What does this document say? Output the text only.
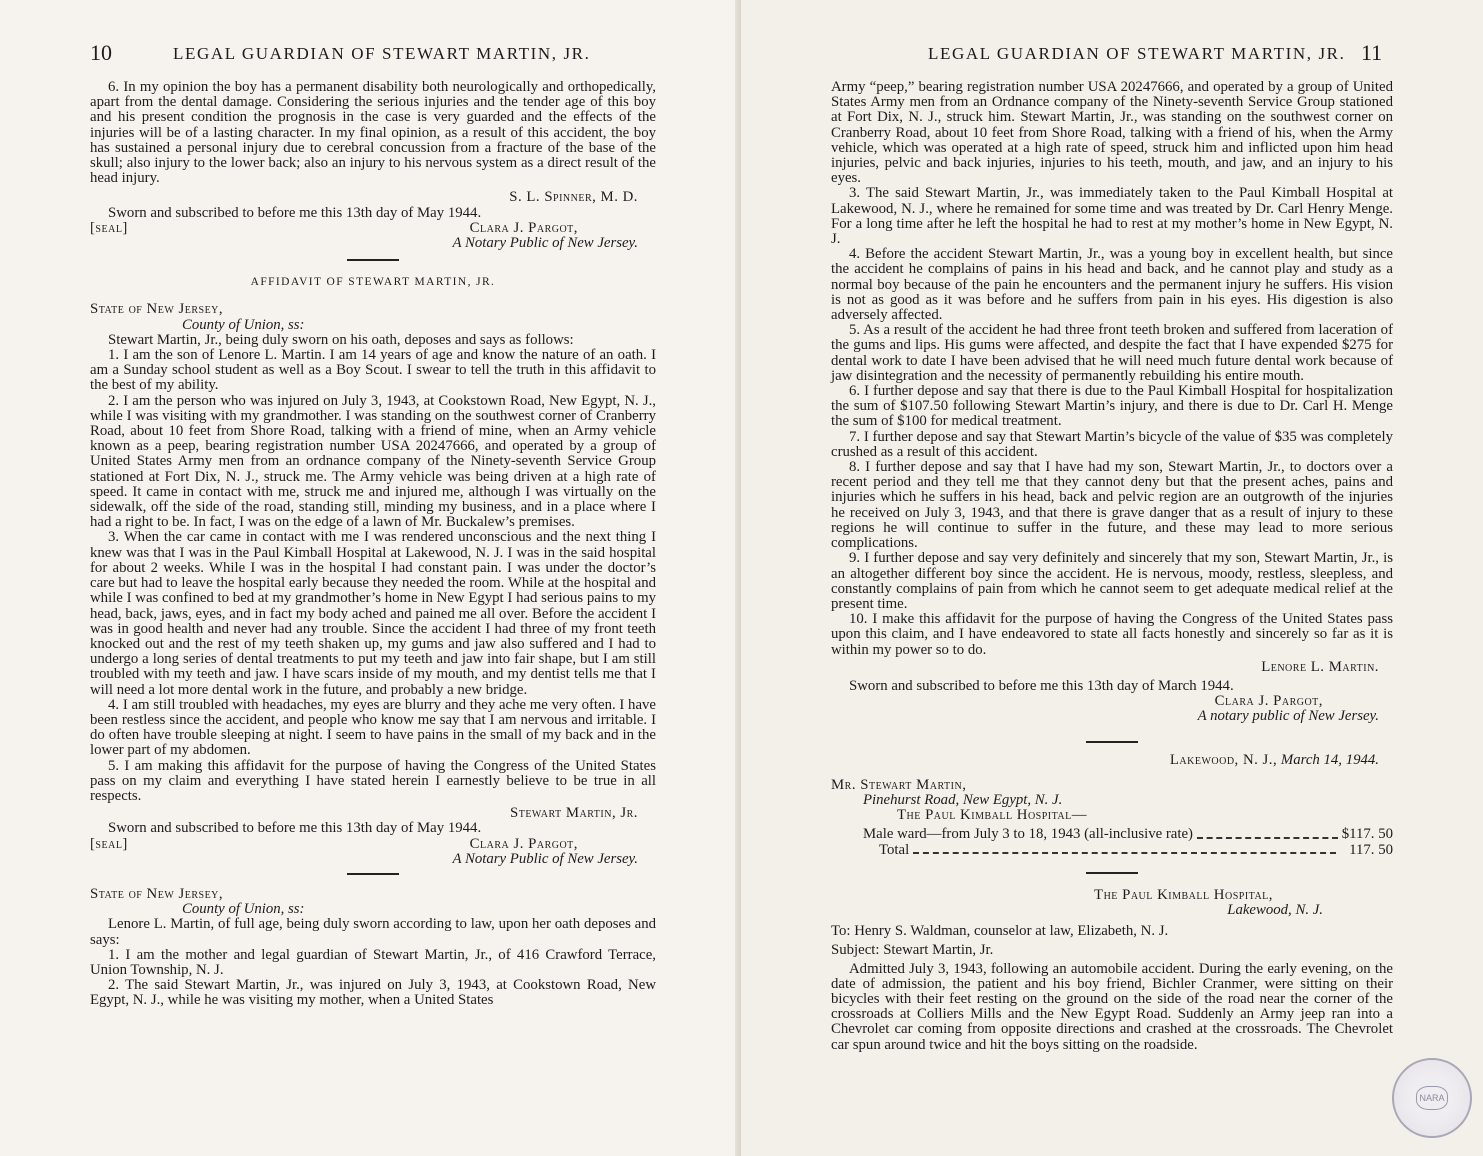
10	LEGAL GUARDIAN OF STEWART MARTIN, JR.

6. In my opinion the boy has a permanent disability both neurologically and orthopedically, apart from the dental damage. Considering the serious injuries and the tender age of this boy and his present condition the prognosis in the case is very guarded and the effects of the injuries will be of a lasting character. In my final opinion, as a result of this accident, the boy has sustained a personal injury due to cerebral concussion from a fracture of the base of the skull; also injury to the lower back; also an injury to his nervous system as a direct result of the head injury.

S. L. Spinner, M. D.

Sworn and subscribed to before me this 13th day of May 1944.

[seal]	Clara J. Pargot,

A Notary Public of New Jersey.

AFFIDAVIT OF STEWART MARTIN, JR.

State of New Jersey,

County of Union, ss:

Stewart Martin, Jr., being duly sworn on his oath, deposes and says as follows:

1. I am the son of Lenore L. Martin. I am 14 years of age and know the nature of an oath. I am a Sunday school student as well as a Boy Scout. I swear to tell the truth in this affidavit to the best of my ability.

2. I am the person who was injured on July 3, 1943, at Cookstown Road, New Egypt, N. J., while I was visiting with my grandmother. I was standing on the southwest corner of Cranberry Road, about 10 feet from Shore Road, talking with a friend of mine, when an Army vehicle known as a peep, bearing registration number USA 20247666, and operated by a group of United States Army men from an ordnance company of the Ninety-seventh Service Group stationed at Fort Dix, N. J., struck me. The Army vehicle was being driven at a high rate of speed. It came in contact with me, struck me and injured me, although I was virtually on the sidewalk, off the side of the road, standing still, minding my business, and in a place where I had a right to be. In fact, I was on the edge of a lawn of Mr. Buckalew’s premises.

3. When the car came in contact with me I was rendered unconscious and the next thing I knew was that I was in the Paul Kimball Hospital at Lakewood, N. J. I was in the said hospital for about 2 weeks. While I was in the hospital I had constant pain. I was under the doctor’s care but had to leave the hospital early because they needed the room. While at the hospital and while I was confined to bed at my grandmother’s home in New Egypt I had serious pains to my head, back, jaws, eyes, and in fact my body ached and pained me all over. Before the accident I was in good health and never had any trouble. Since the accident I had three of my front teeth knocked out and the rest of my teeth shaken up, my gums and jaw also suffered and I had to undergo a long series of dental treatments to put my teeth and jaw into fair shape, but I am still troubled with my teeth and jaw. I have scars inside of my mouth, and my dentist tells me that I will need a lot more dental work in the future, and probably a new bridge.

4. I am still troubled with headaches, my eyes are blurry and they ache me very often. I have been restless since the accident, and people who know me say that I am nervous and irritable. I do often have trouble sleeping at night. I seem to have pains in the small of my back and in the lower part of my abdomen.

5. I am making this affidavit for the purpose of having the Congress of the United States pass on my claim and everything I have stated herein I earnestly believe to be true in all respects.

Stewart Martin, Jr.

Sworn and subscribed to before me this 13th day of May 1944.

[seal]	Clara J. Pargot,

A Notary Public of New Jersey.

State of New Jersey,

County of Union, ss:

Lenore L. Martin, of full age, being duly sworn according to law, upon her oath deposes and says:

1. I am the mother and legal guardian of Stewart Martin, Jr., of 416 Crawford Terrace, Union Township, N. J.

2. The said Stewart Martin, Jr., was injured on July 3, 1943, at Cookstown Road, New Egypt, N. J., while he was visiting my mother, when a United States

LEGAL GUARDIAN OF STEWART MARTIN, JR. 11

Army “peep,” bearing registration number USA 20247666, and operated by a group of United States Army men from an Ordnance company of the Ninety-seventh Service Group stationed at Fort Dix, N. J., struck him. Stewart Martin, Jr., was standing on the southwest corner on Cranberry Road, about 10 feet from Shore Road, talking with a friend of his, when the Army vehicle, which was operated at a high rate of speed, struck him and inflicted upon him head injuries, pelvic and back injuries, injuries to his teeth, mouth, and jaw, and an injury to his eyes.

3. The said Stewart Martin, Jr., was immediately taken to the Paul Kimball Hospital at Lakewood, N. J., where he remained for some time and was treated by Dr. Carl Henry Menge. For a long time after he left the hospital he had to rest at my mother’s home in New Egypt, N. J.

4. Before the accident Stewart Martin, Jr., was a young boy in excellent health, but since the accident he complains of pains in his head and back, and he cannot play and study as a normal boy because of the pain he encounters and the permanent injury he suffers. His vision is not as good as it was before and he suffers from pain in his eyes. His digestion is also adversely affected.

5. As a result of the accident he had three front teeth broken and suffered from laceration of the gums and lips. His gums were affected, and despite the fact that I have expended $275 for dental work to date I have been advised that he will need much future dental work because of jaw disintegration and the necessity of permanently rebuilding his entire mouth.

6. I further depose and say that there is due to the Paul Kimball Hospital for hospitalization the sum of $107.50 following Stewart Martin’s injury, and there is due to Dr. Carl H. Menge the sum of $100 for medical treatment.

7. I further depose and say that Stewart Martin’s bicycle of the value of $35 was completely crushed as a result of this accident.

8. I further depose and say that I have had my son, Stewart Martin, Jr., to doctors over a recent period and they tell me that they cannot deny but that the present aches, pains and injuries which he suffers in his head, back and pelvic region are an outgrowth of the injuries he received on July 3, 1943, and that there is grave danger that as a result of injury to these regions he will continue to suffer in the future, and these may lead to more serious complications.

9. I further depose and say very definitely and sincerely that my son, Stewart Martin, Jr., is an altogether different boy since the accident. He is nervous, moody, restless, sleepless, and constantly complains of pain from which he cannot seem to get adequate medical relief at the present time.

10. I make this affidavit for the purpose of having the Congress of the United States pass upon this claim, and I have endeavored to state all facts honestly and sincerely so far as it is within my power so to do.

Lenore L. Martin.

Sworn and subscribed to before me this 13th day of March 1944.

Clara J. Pargot,

A notary public of New Jersey.

Lakewood, N. J., March 14, 1944.

Mr. Stewart Martin,

Pinehurst Road, New Egypt, N. J.

The Paul Kimball Hospital—

Male ward—from July 3 to 18, 1943 (all-inclusive rate)	$117. 50
Total	117. 50

The Paul Kimball Hospital,

Lakewood, N. J.

To: Henry S. Waldman, counselor at law, Elizabeth, N. J.

Subject: Stewart Martin, Jr.

Admitted July 3, 1943, following an automobile accident. During the early evening, on the date of admission, the patient and his boy friend, Bichler Cranmer, were sitting on their bicycles with their feet resting on the ground on the side of the road near the corner of the crossroads at Colliers Mills and the New Egypt Road. Suddenly an Army jeep ran into a Chevrolet car coming from opposite directions and crashed at the crossroads. The Chevrolet car spun around twice and hit the boys sitting on the roadside.

NARA
